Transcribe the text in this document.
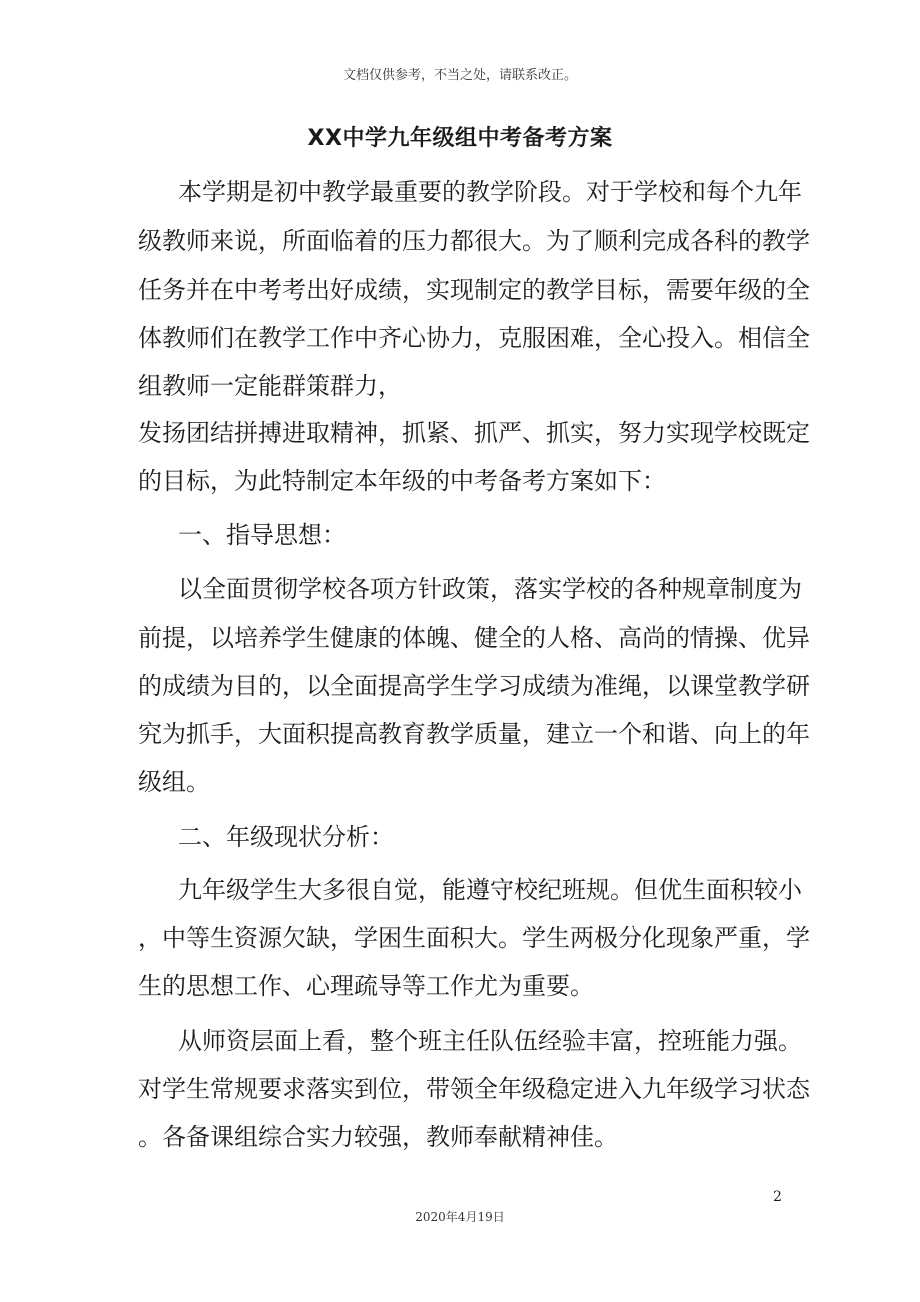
文档仅供参考，不当之处，请联系改正。
XX中学九年级组中考备考方案
本学期是初中教学最重要的教学阶段。对于学校和每个九年
级教师来说，所面临着的压力都很大。为了顺利完成各科的教学
任务并在中考考出好成绩，实现制定的教学目标，需要年级的全
体教师们在教学工作中齐心协力，克服困难，全心投入。相信全
组教师一定能群策群力，
发扬团结拼搏进取精神，抓紧、抓严、抓实，努力实现学校既定
的目标，为此特制定本年级的中考备考方案如下：
一、指导思想：
以全面贯彻学校各项方针政策，落实学校的各种规章制度为
前提，以培养学生健康的体魄、健全的人格、高尚的情操、优异
的成绩为目的，以全面提高学生学习成绩为准绳，以课堂教学研
究为抓手，大面积提高教育教学质量，建立一个和谐、向上的年
级组。
二、年级现状分析：
九年级学生大多很自觉，能遵守校纪班规。但优生面积较小
，中等生资源欠缺，学困生面积大。学生两极分化现象严重，学
生的思想工作、心理疏导等工作尤为重要。
从师资层面上看，整个班主任队伍经验丰富，控班能力强。
对学生常规要求落实到位，带领全年级稳定进入九年级学习状态
。各备课组综合实力较强，教师奉献精神佳。
2
2020年4月19日
